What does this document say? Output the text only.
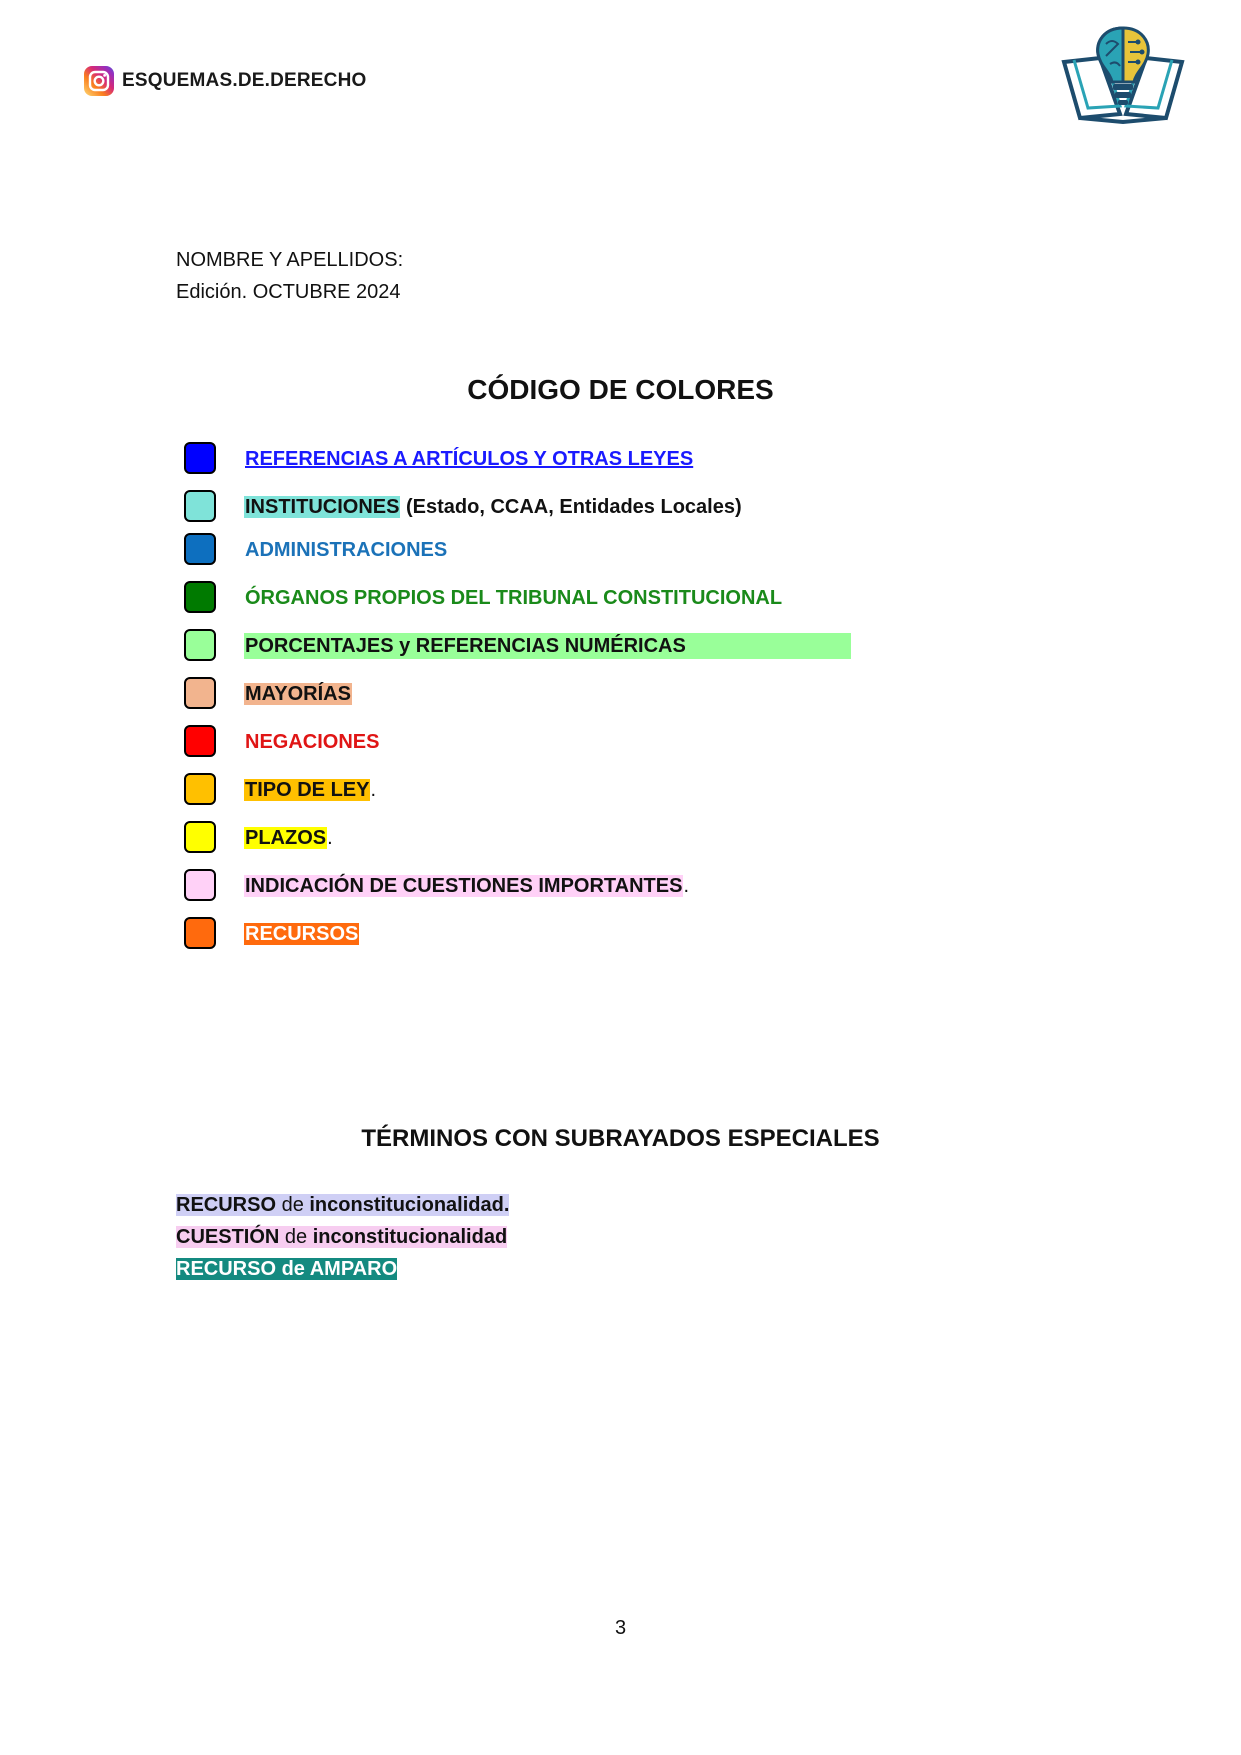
ESQUEMAS.DE.DERECHO
NOMBRE Y APELLIDOS:
Edición. OCTUBRE 2024
CÓDIGO DE COLORES
REFERENCIAS A ARTÍCULOS Y OTRAS LEYES
INSTITUCIONES (Estado, CCAA, Entidades Locales)
ADMINISTRACIONES
ÓRGANOS PROPIOS DEL TRIBUNAL CONSTITUCIONAL
PORCENTAJES y REFERENCIAS NUMÉRICAS
MAYORÍAS
NEGACIONES
TIPO DE LEY.
PLAZOS.
INDICACIÓN DE CUESTIONES IMPORTANTES.
RECURSOS
TÉRMINOS CON SUBRAYADOS ESPECIALES
RECURSO de inconstitucionalidad.
CUESTIÓN de inconstitucionalidad
RECURSO de AMPARO
3
